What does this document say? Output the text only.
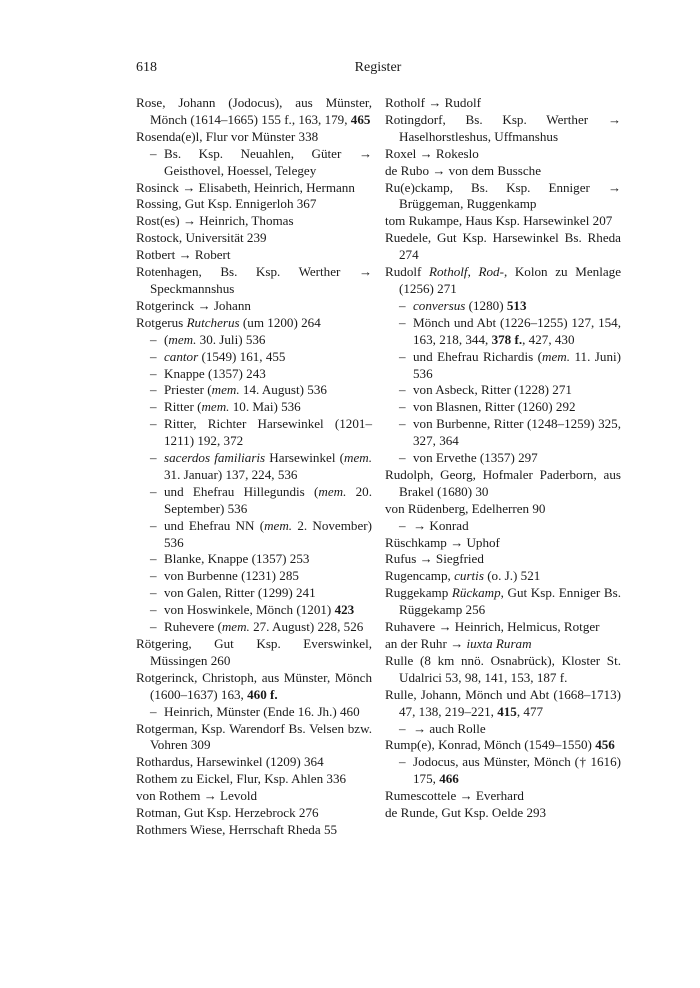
618	Register
Rose, Johann (Jodocus), aus Münster, Mönch (1614–1665) 155 f., 163, 179, 465
Rosenda(e)l, Flur vor Münster 338
– Bs. Ksp. Neuahlen, Güter → Geisthovel, Hoessel, Telegey
Rosinck → Elisabeth, Heinrich, Hermann
Rossing, Gut Ksp. Ennigerloh 367
Rost(es) → Heinrich, Thomas
Rostock, Universität 239
Rotbert → Robert
Rotenhagen, Bs. Ksp. Werther → Speckmannshus
Rotgerinck → Johann
Rotgerus Rutcherus (um 1200) 264
– (mem. 30. Juli) 536
– cantor (1549) 161, 455
– Knappe (1357) 243
– Priester (mem. 14. August) 536
– Ritter (mem. 10. Mai) 536
– Ritter, Richter Harsewinkel (1201–1211) 192, 372
– sacerdos familiaris Harsewinkel (mem. 31. Januar) 137, 224, 536
– und Ehefrau Hillegundis (mem. 20. September) 536
– und Ehefrau NN (mem. 2. November) 536
– Blanke, Knappe (1357) 253
– von Burbenne (1231) 285
– von Galen, Ritter (1299) 241
– von Hoswinkele, Mönch (1201) 423
– Ruhevere (mem. 27. August) 228, 526
Rötgering, Gut Ksp. Everswinkel, Müssingen 260
Rotgerinck, Christoph, aus Münster, Mönch (1600–1637) 163, 460 f.
– Heinrich, Münster (Ende 16. Jh.) 460
Rotgerman, Ksp. Warendorf Bs. Velsen bzw. Vohren 309
Rothardus, Harsewinkel (1209) 364
Rothem zu Eickel, Flur, Ksp. Ahlen 336
von Rothem → Levold
Rotman, Gut Ksp. Herzebrock 276
Rothmers Wiese, Herrschaft Rheda 55
Rotholf → Rudolf
Rotingdorf, Bs. Ksp. Werther → Haselhorstleshus, Uffmanshus
Roxel → Rokeslo
de Rubo → von dem Bussche
Ru(e)ckamp, Bs. Ksp. Enniger → Brüggeman, Ruggenkamp
tom Rukampe, Haus Ksp. Harsewinkel 207
Ruedele, Gut Ksp. Harsewinkel Bs. Rheda 274
Rudolf Rotholf, Rod-, Kolon zu Menlage (1256) 271
– conversus (1280) 513
– Mönch und Abt (1226–1255) 127, 154, 163, 218, 344, 378 f., 427, 430
– und Ehefrau Richardis (mem. 11. Juni) 536
– von Asbeck, Ritter (1228) 271
– von Blasnen, Ritter (1260) 292
– von Burbenne, Ritter (1248–1259) 325, 327, 364
– von Ervethe (1357) 297
Rudolph, Georg, Hofmaler Paderborn, aus Brakel (1680) 30
von Rüdenberg, Edelherren 90
– → Konrad
Rüschkamp → Uphof
Rufus → Siegfried
Rugencamp, curtis (o. J.) 521
Ruggekamp Rückamp, Gut Ksp. Enniger Bs. Rüggekamp 256
Ruhavere → Heinrich, Helmicus, Rotger
an der Ruhr → iuxta Ruram
Rulle (8 km nnö. Osnabrück), Kloster St. Udalrici 53, 98, 141, 153, 187 f.
Rulle, Johann, Mönch und Abt (1668–1713) 47, 138, 219–221, 415, 477
– → auch Rolle
Rump(e), Konrad, Mönch (1549–1550) 456
– Jodocus, aus Münster, Mönch († 1616) 175, 466
Rumescottele → Everhard
de Runde, Gut Ksp. Oelde 293
